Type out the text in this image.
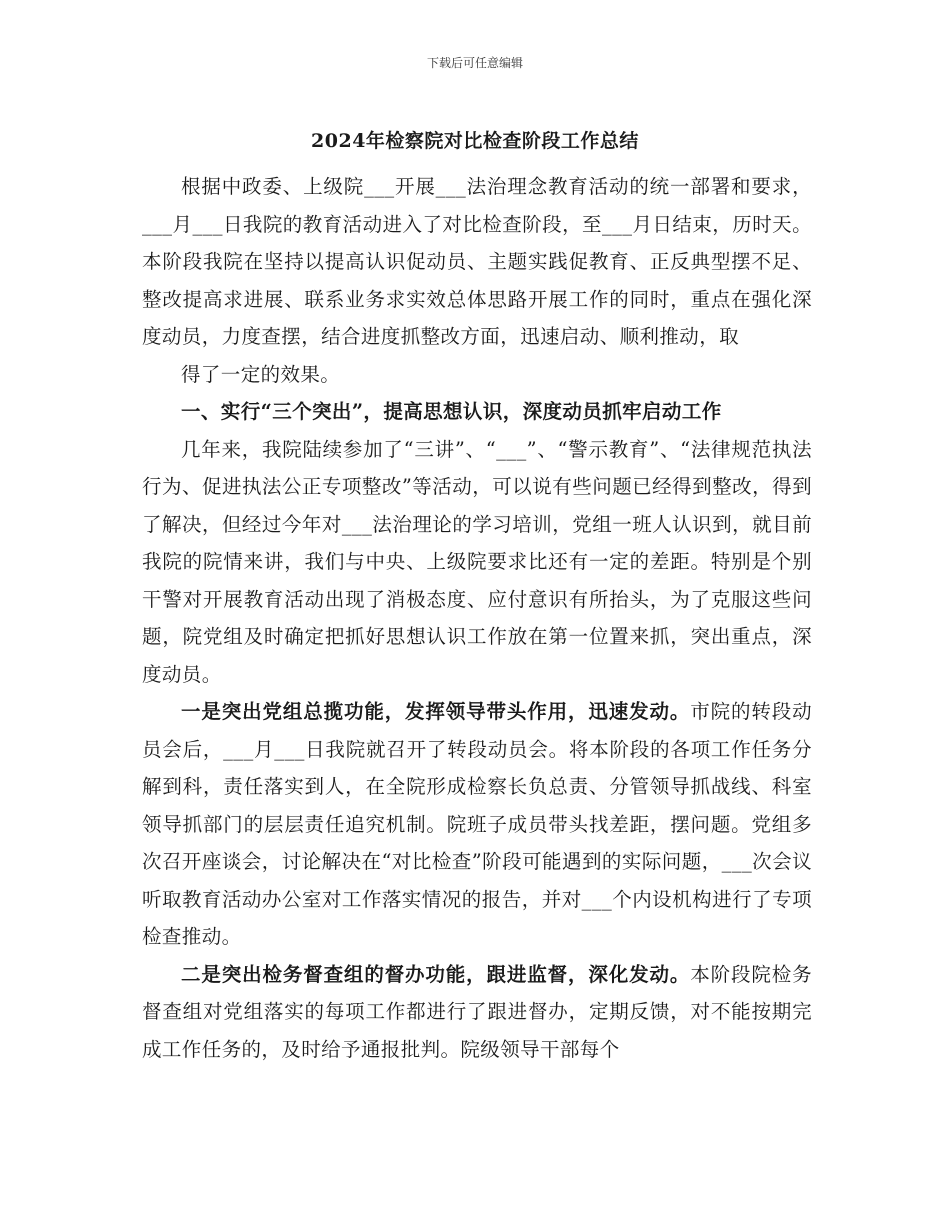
下载后可任意编辑
2024年检察院对比检查阶段工作总结

根据中政委、上级院___开展___法治理念教育活动的统一部署和要求，___月___日我院的教育活动进入了对比检查阶段，至___月日结束，历时天。本阶段我院在坚持以提高认识促动员、主题实践促教育、正反典型摆不足、整改提高求进展、联系业务求实效总体思路开展工作的同时，重点在强化深度动员，力度查摆，结合进度抓整改方面，迅速启动、顺利推动，取

得了一定的效果。

一、实行“三个突出”，提高思想认识，深度动员抓牢启动工作

几年来，我院陆续参加了“三讲”、“___”、“警示教育”、“法律规范执法行为、促进执法公正专项整改”等活动，可以说有些问题已经得到整改，得到了解决，但经过今年对___法治理论的学习培训，党组一班人认识到，就目前我院的院情来讲，我们与中央、上级院要求比还有一定的差距。特别是个别干警对开展教育活动出现了消极态度、应付意识有所抬头，为了克服这些问题，院党组及时确定把抓好思想认识工作放在第一位置来抓，突出重点，深度动员。

一是突出党组总揽功能，发挥领导带头作用，迅速发动。市院的转段动员会后，___月___日我院就召开了转段动员会。将本阶段的各项工作任务分解到科，责任落实到人，在全院形成检察长负总责、分管领导抓战线、科室领导抓部门的层层责任追究机制。院班子成员带头找差距，摆问题。党组多次召开座谈会，讨论解决在“对比检查”阶段可能遇到的实际问题，___次会议听取教育活动办公室对工作落实情况的报告，并对___个内设机构进行了专项检查推动。

二是突出检务督查组的督办功能，跟进监督，深化发动。本阶段院检务督查组对党组落实的每项工作都进行了跟进督办，定期反馈，对不能按期完成工作任务的，及时给予通报批判。院级领导干部每个
